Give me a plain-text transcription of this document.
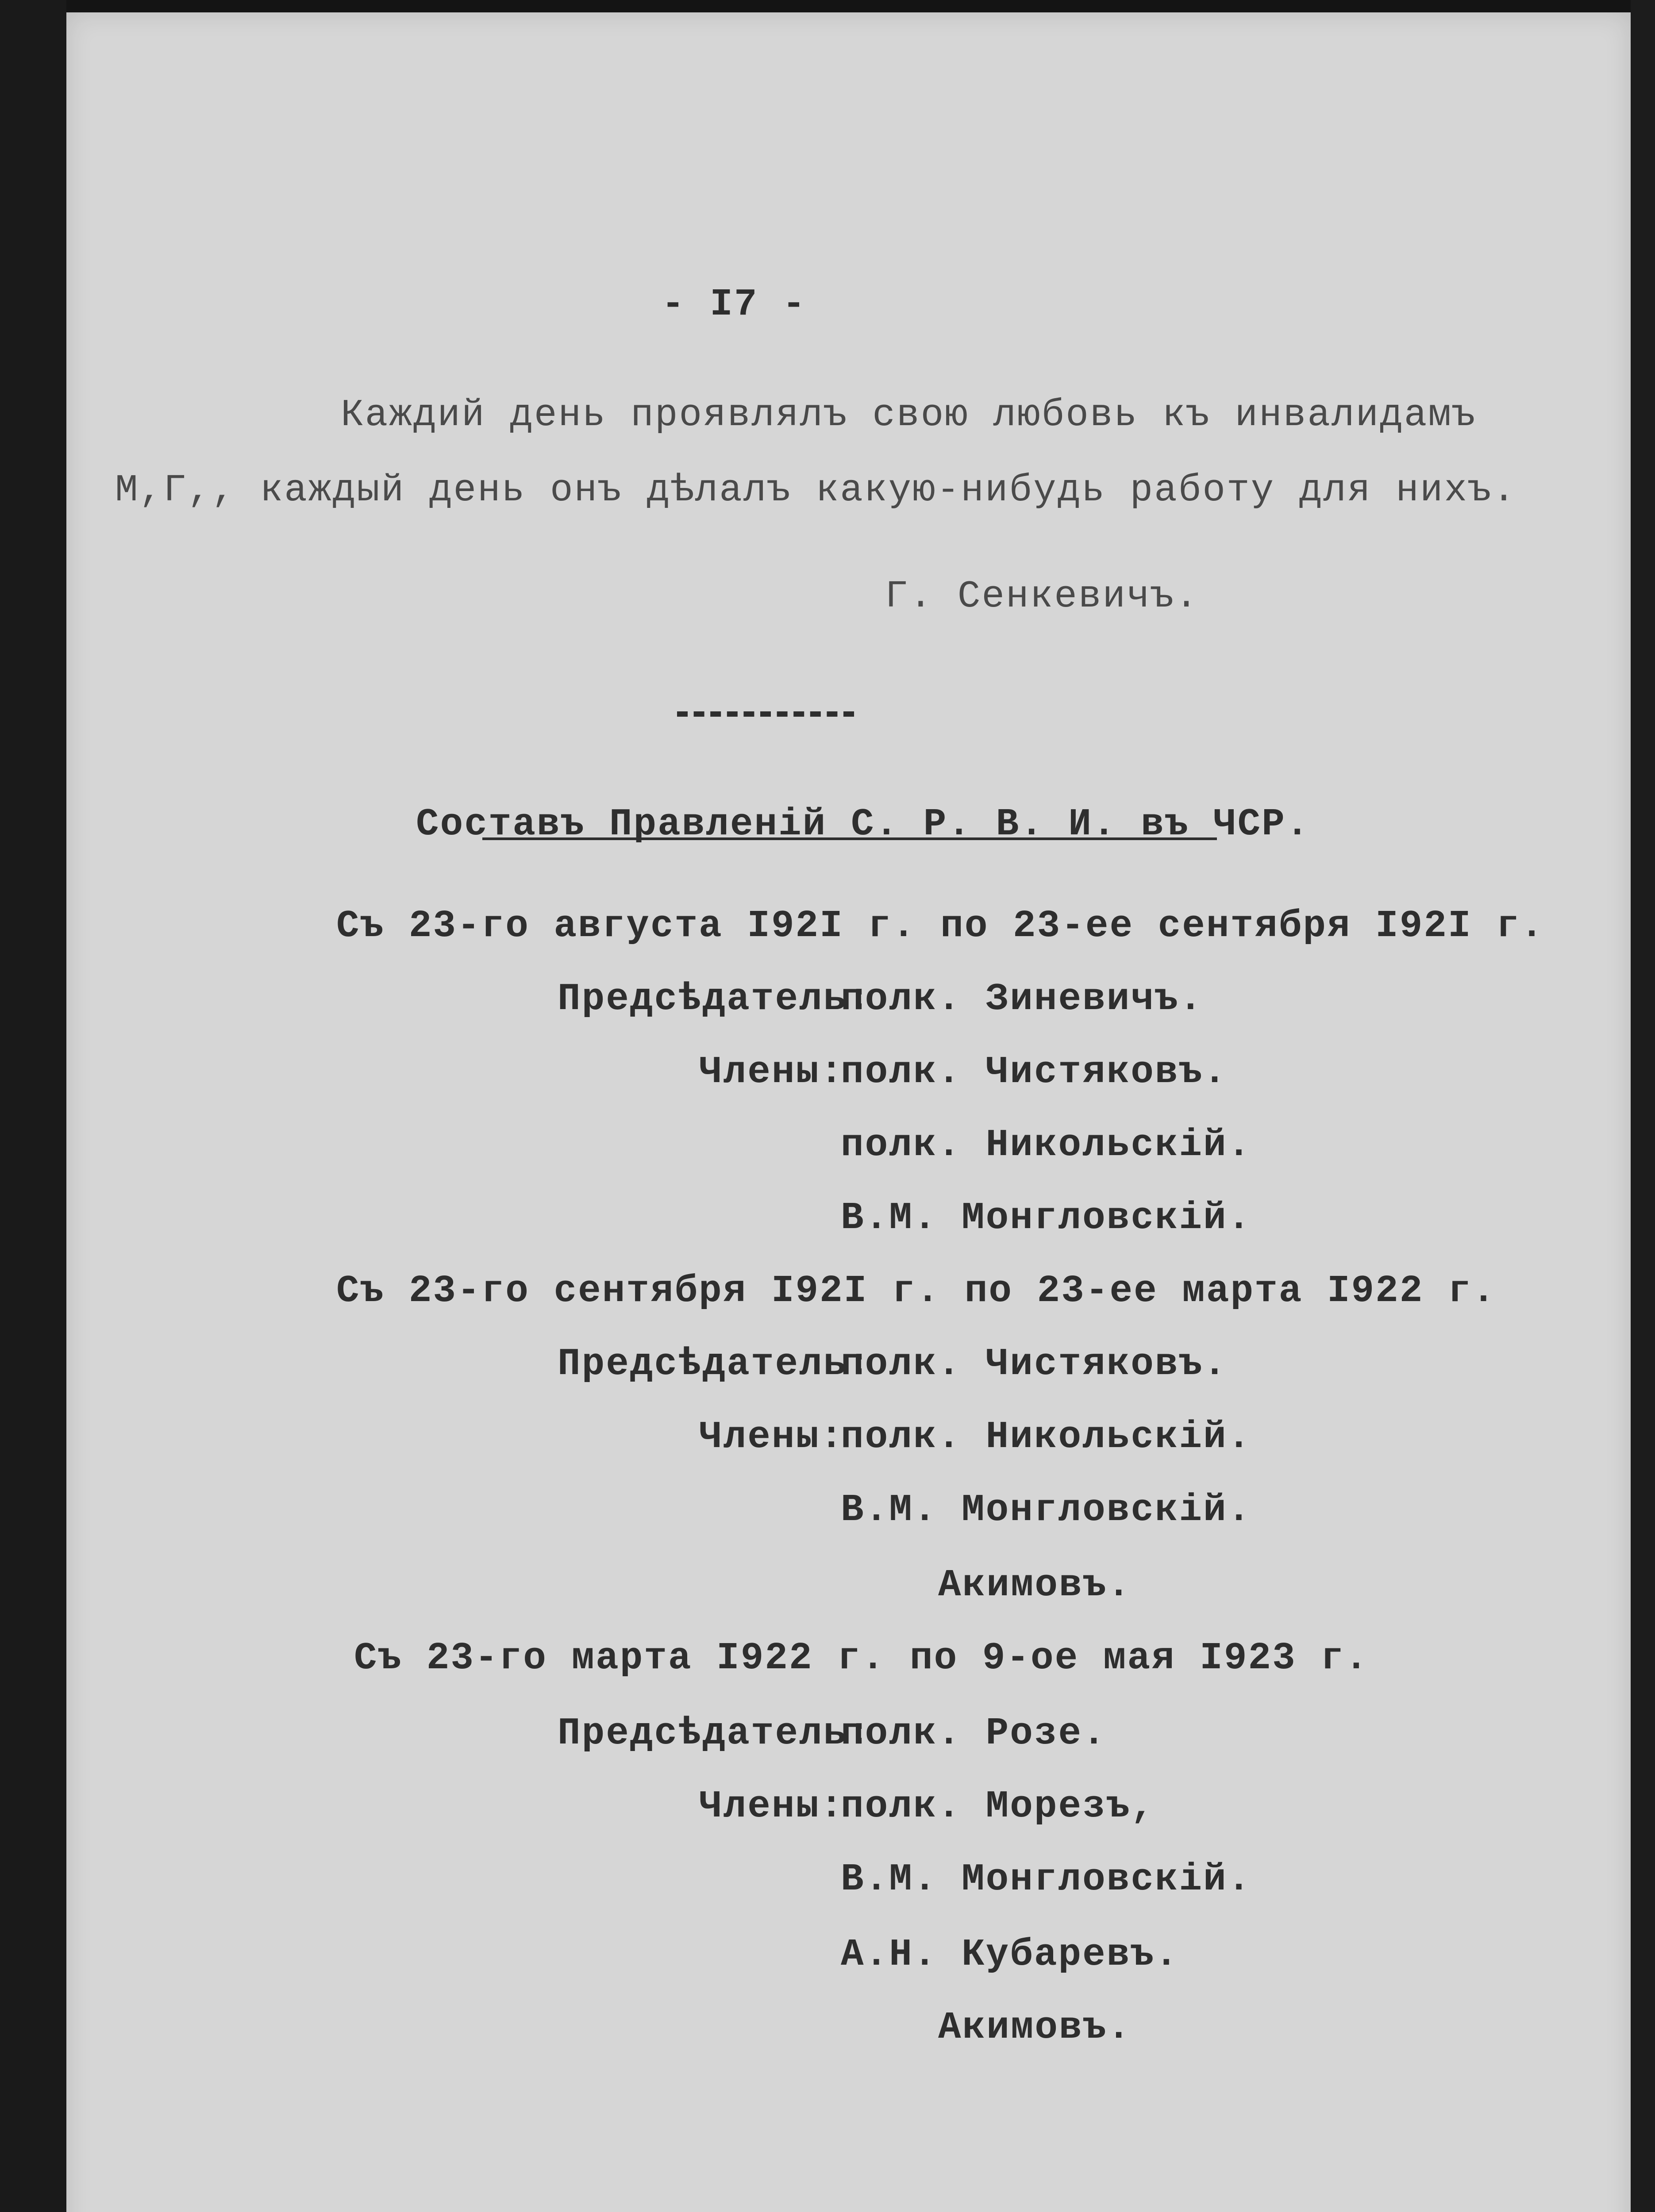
- I7 -
Каждий день проявлялъ свою любовь къ инвалидамъ
М,Г,, каждый день онъ дѣлалъ какую-нибудь работу для нихъ.
Г. Сенкевичъ.
Составъ Правленій С. Р. В. И. въ ЧСР.
Съ 23-го августа I92I г. по 23-ее сентября I92I г.
Предсѣдатель:
полк. Зиневичъ.
Члены:
полк. Чистяковъ.
полк. Никольскій.
В.М. Монгловскій.
Съ 23-го сентября I92I г. по 23-ее марта I922 г.
Предсѣдатель:
полк. Чистяковъ.
Члены:
полк. Никольскій.
В.М. Монгловскій.
Акимовъ.
Съ 23-го марта I922 г. по 9-ое мая I923 г.
Предсѣдатель:
полк. Розе.
Члены:
полк. Морезъ,
В.М. Монгловскій.
А.Н. Кубаревъ.
Акимовъ.
